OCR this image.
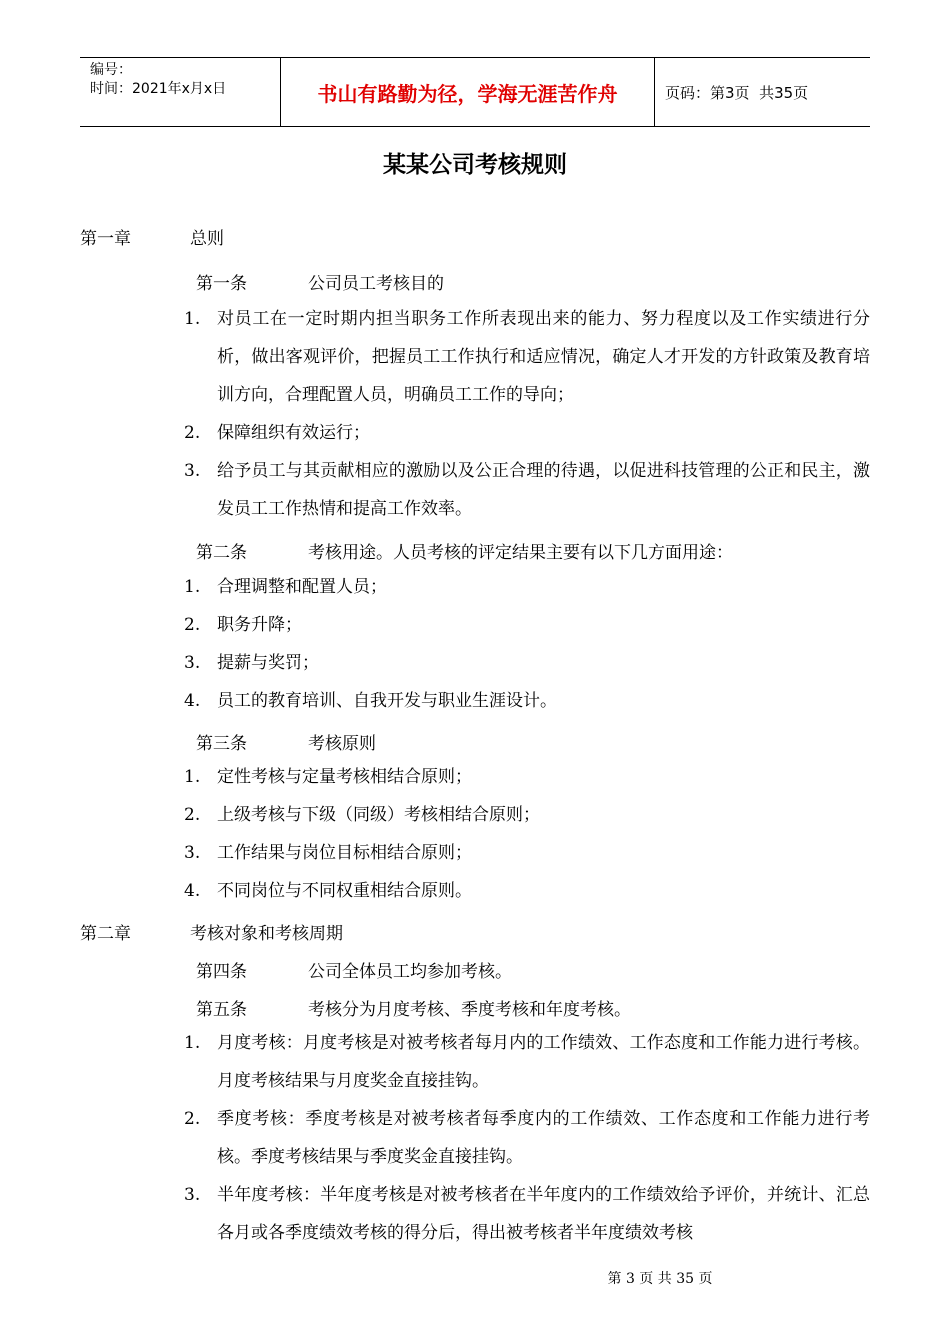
编号：
时间：2021年x月x日	书山有路勤为径，学海无涯苦作舟	页码：第3页  共35页
某某公司考核规则
第一章	总则
第一条	公司员工考核目的
1. 对员工在一定时期内担当职务工作所表现出来的能力、努力程度以及工作实绩进行分析，做出客观评价，把握员工工作执行和适应情况，确定人才开发的方针政策及教育培训方向，合理配置人员，明确员工工作的导向；
2. 保障组织有效运行；
3. 给予员工与其贡献相应的激励以及公正合理的待遇，以促进科技管理的公正和民主，激发员工工作热情和提高工作效率。
第二条	考核用途。人员考核的评定结果主要有以下几方面用途：
1. 合理调整和配置人员；
2. 职务升降；
3. 提薪与奖罚；
4. 员工的教育培训、自我开发与职业生涯设计。
第三条	考核原则
1. 定性考核与定量考核相结合原则；
2. 上级考核与下级（同级）考核相结合原则；
3. 工作结果与岗位目标相结合原则；
4. 不同岗位与不同权重相结合原则。
第二章	考核对象和考核周期
第四条	公司全体员工均参加考核。
第五条	考核分为月度考核、季度考核和年度考核。
1. 月度考核：月度考核是对被考核者每月内的工作绩效、工作态度和工作能力进行考核。月度考核结果与月度奖金直接挂钩。
2. 季度考核：季度考核是对被考核者每季度内的工作绩效、工作态度和工作能力进行考核。季度考核结果与季度奖金直接挂钩。
3. 半年度考核：半年度考核是对被考核者在半年度内的工作绩效给予评价，并统计、汇总各月或各季度绩效考核的得分后，得出被考核者半年度绩效考核
第 3 页 共 35 页
